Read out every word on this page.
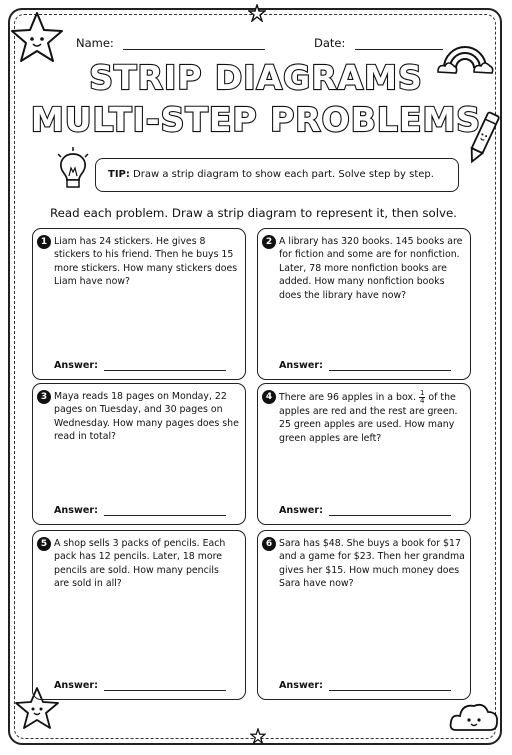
Name:	Date:
STRIP DIAGRAMS
MULTI-STEP PROBLEMS
TIP: Draw a strip diagram to show each part. Solve step by step.
Read each problem. Draw a strip diagram to represent it, then solve.
1 Liam has 24 stickers. He gives 8 stickers to his friend. Then he buys 15 more stickers. How many stickers does Liam have now?
Answer:
2 A library has 320 books. 145 books are for fiction and some are for nonfiction. Later, 78 more nonfiction books are added. How many nonfiction books does the library have now?
Answer:
3 Maya reads 18 pages on Monday, 22 pages on Tuesday, and 30 pages on Wednesday. How many pages does she read in total?
Answer:
4 There are 96 apples in a box. $\frac{1}{4}$ of the apples are red and the rest are green. 25 green apples are used. How many green apples are left?
Answer:
5 A shop sells 3 packs of pencils. Each pack has 12 pencils. Later, 18 more pencils are sold. How many pencils are sold in all?
Answer:
6 Sara has $48. She buys a book for $17 and a game for $23. Then her grandma gives her $15. How much money does Sara have now?
Answer:
